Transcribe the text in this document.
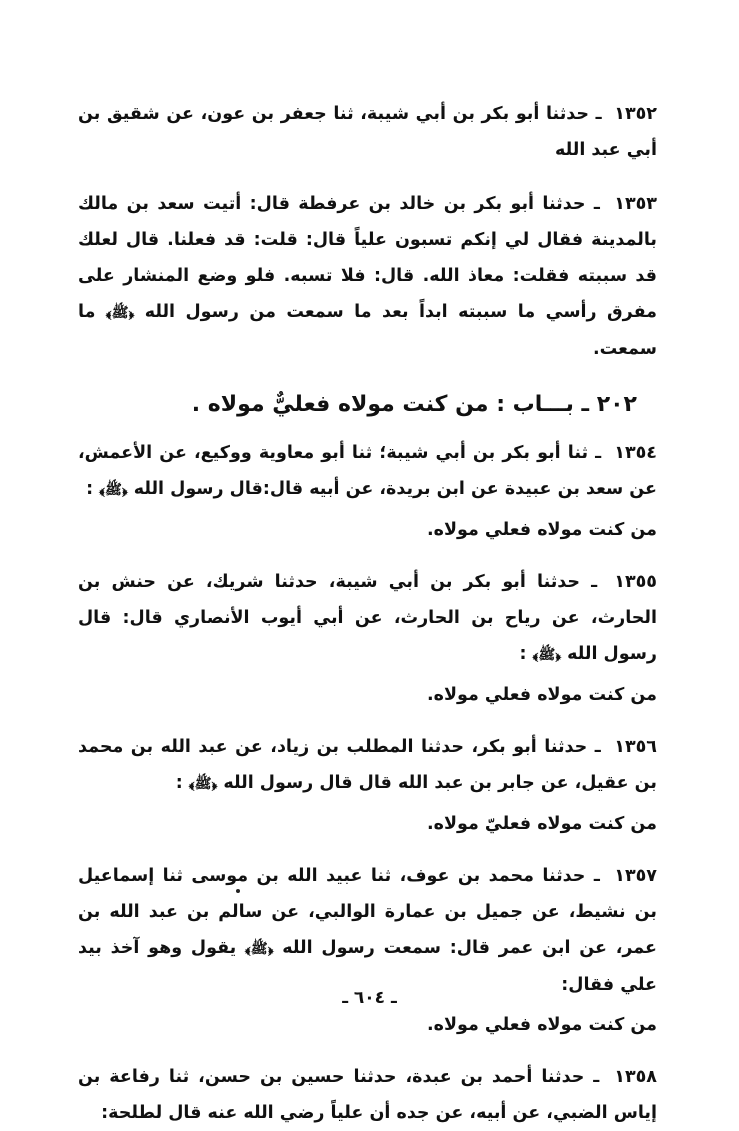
١٣٥٢ ـ حدثنا أبو بكر بن أبي شيبة، ثنا جعفر بن عون، عن شقيق بن أبي عبد الله

١٣٥٣ ـ حدثنا أبو بكر بن خالد بن عرفطة قال: أتيت سعد بن مالك بالمدينة فقال لي إنكم تسبون علياً قال: قلت: قد فعلنا. قال لعلك قد سببته فقلت: معاذ الله. قال: فلا تسبه. فلو وضع المنشار على مفرق رأسي ما سببته ابداً بعد ما سمعت من رسول الله ﴿ﷺ﴾ ما سمعت.

٢٠٢ ـ بـــاب : من كنت مولاه فعليٌّ مولاه .

١٣٥٤ ـ ثنا أبو بكر بن أبي شيبة؛ ثنا أبو معاوية ووكيع، عن الأعمش، عن سعد بن عبيدة عن ابن بريدة، عن أبيه قال:قال رسول الله ﴿ﷺ﴾ :

من كنت مولاه فعلي مولاه.

١٣٥٥ ـ حدثنا أبو بكر بن أبي شيبة، حدثنا شريك، عن حنش بن الحارث، عن رياح بن الحارث، عن أبي أيوب الأنصاري قال: قال رسول الله ﴿ﷺ﴾ :

من كنت مولاه فعلي مولاه.

١٣٥٦ ـ حدثنا أبو بكر، حدثنا المطلب بن زياد، عن عبد الله بن محمد بن عقيل، عن جابر بن عبد الله قال قال رسول الله ﴿ﷺ﴾ :

من كنت مولاه فعليّ مولاه.

١٣٥٧ ـ حدثنا محمد بن عوف، ثنا عبيد الله بن موسى ثنا إسماعيل بن نشيط، عن جميل بن عمارة الوالبي، عن سالم بن عبد الله بن عمر، عن ابن عمر قال: سمعت رسول الله ﴿ﷺ﴾ يقول وهو آخذ بيد علي فقال:

من كنت مولاه فعلي مولاه.

١٣٥٨ ـ حدثنا أحمد بن عبدة، حدثنا حسين بن حسن، ثنا رفاعة بن إياس الضبي، عن أبيه، عن جده أن علياً رضي الله عنه قال لطلحة:

ـ ٦٠٤ ـ
